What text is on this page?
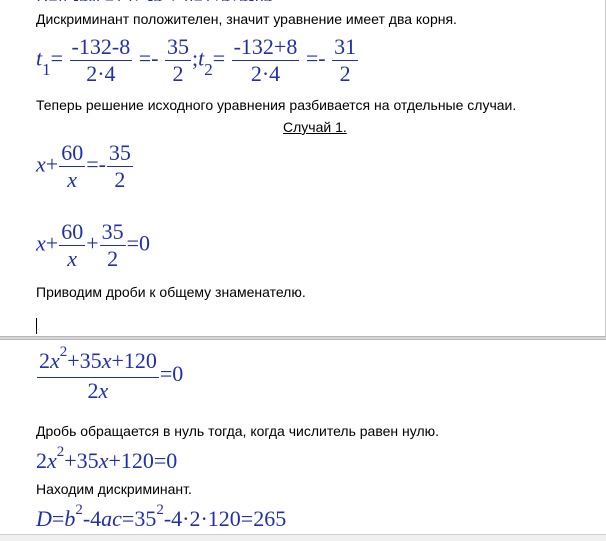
Дискриминант положителен, значит уравнение имеет два корня.
$t_1= \frac{-132-8}{2\cdot 4} =- \frac{35}{2}$ $;t_2= \frac{-132+8}{2\cdot 4} =- \frac{31}{2}$
Теперь решение исходного уравнения разбивается на отдельные случаи.
Случай 1.
$x+ \frac{60}{x} =- \frac{35}{2}$
$x+ \frac{60}{x} + \frac{35}{2} =0$
Приводим дроби к общему знаменателю.
$\frac{2x^2+35x+120}{2x} =0$
Дробь обращается в нуль тогда, когда числитель равен нулю.
$2x^2+35x+120=0$
Находим дискриминант.
$D=b^2-4ac=35^2-4\cdot 2\cdot 120=265$
